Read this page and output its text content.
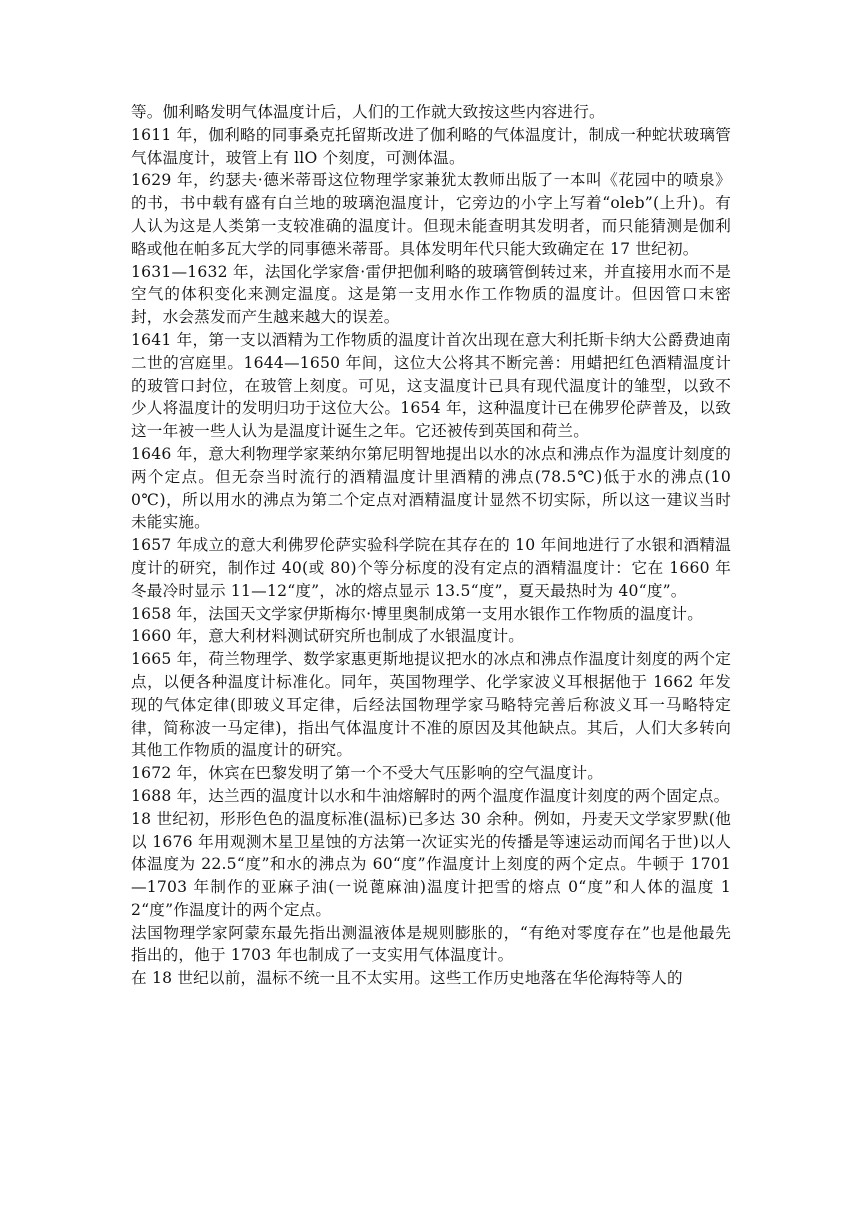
等。伽利略发明气体温度计后，人们的工作就大致按这些内容进行。

1611 年，伽利略的同事桑克托留斯改进了伽利略的气体温度计，制成一种蛇状玻璃管气体温度计，玻管上有 llO 个刻度，可测体温。

1629 年，约瑟夫·德米蒂哥这位物理学家兼犹太教师出版了一本叫《花园中的喷泉》的书，书中载有盛有白兰地的玻璃泡温度计，它旁边的小字上写着“oleb”(上升)。有人认为这是人类第一支较准确的温度计。但现未能查明其发明者，而只能猜测是伽利略或他在帕多瓦大学的同事德米蒂哥。具体发明年代只能大致确定在 17 世纪初。

1631—1632 年，法国化学家詹·雷伊把伽利略的玻璃管倒转过来，并直接用水而不是空气的体积变化来测定温度。这是第一支用水作工作物质的温度计。但因管口末密封，水会蒸发而产生越来越大的误差。

1641 年，第一支以酒精为工作物质的温度计首次出现在意大利托斯卡纳大公爵费迪南二世的宫庭里。1644—1650 年间，这位大公将其不断完善：用蜡把红色酒精温度计的玻管口封位，在玻管上刻度。可见，这支温度计已具有现代温度计的雏型，以致不少人将温度计的发明归功于这位大公。1654 年，这种温度计已在佛罗伦萨普及，以致这一年被一些人认为是温度计诞生之年。它还被传到英国和荷兰。

1646 年，意大利物理学家莱纳尔第尼明智地提出以水的冰点和沸点作为温度计刻度的两个定点。但无奈当时流行的酒精温度计里酒精的沸点(78.5℃)低于水的沸点(100℃)，所以用水的沸点为第二个定点对酒精温度计显然不切实际，所以这一建议当时未能实施。

1657 年成立的意大利佛罗伦萨实验科学院在其存在的 10 年间地进行了水银和酒精温度计的研究，制作过 40(或 80)个等分标度的没有定点的酒精温度计：它在 1660 年冬最冷时显示 11—12“度”，冰的熔点显示 13.5“度”，夏天最热时为 40“度”。

1658 年，法国天文学家伊斯梅尔·博里奥制成第一支用水银作工作物质的温度计。

1660 年，意大利材料测试研究所也制成了水银温度计。

1665 年，荷兰物理学、数学家惠更斯地提议把水的冰点和沸点作温度计刻度的两个定点，以便各种温度计标准化。同年，英国物理学、化学家波义耳根据他于 1662 年发现的气体定律(即玻义耳定律，后经法国物理学家马略特完善后称波义耳一马略特定律，简称波一马定律)，指出气体温度计不准的原因及其他缺点。其后，人们大多转向其他工作物质的温度计的研究。

1672 年，休宾在巴黎发明了第一个不受大气压影响的空气温度计。

1688 年，达兰西的温度计以水和牛油熔解时的两个温度作温度计刻度的两个固定点。

18 世纪初，形形色色的温度标准(温标)已多达 30 余种。例如，丹麦天文学家罗默(他以 1676 年用观测木星卫星蚀的方法第一次证实光的传播是等速运动而闻名于世)以人体温度为 22.5“度”和水的沸点为 60“度”作温度计上刻度的两个定点。牛顿于 1701—1703 年制作的亚麻子油(一说蓖麻油)温度计把雪的熔点 0“度”和人体的温度 12“度”作温度计的两个定点。

法国物理学家阿蒙东最先指出测温液体是规则膨胀的，“有绝对零度存在”也是他最先指出的，他于 1703 年也制成了一支实用气体温度计。

在 18 世纪以前，温标不统一且不太实用。这些工作历史地落在华伦海特等人的
